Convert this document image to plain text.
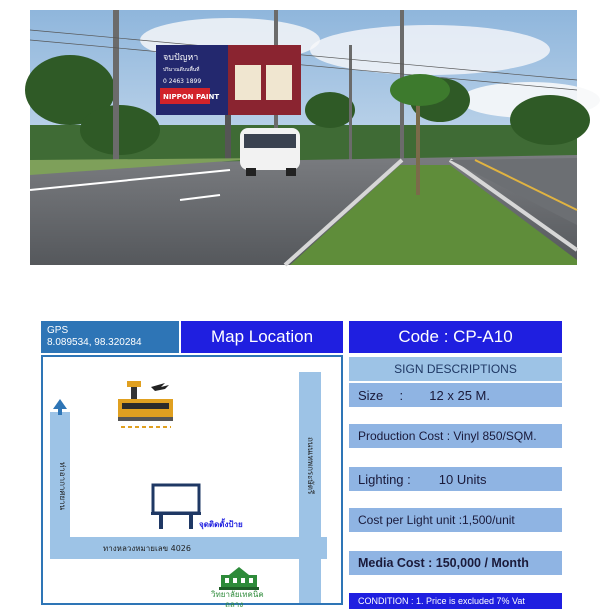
จบปัญหา
ปริมาณดีบนพื้นที่
0 2463 1899
NIPPON PAINT
GPS
8.089534, 98.320284	Map Location
ท่าอากาศยาน	ถนนเทพกระษัตรี
ทางหลวงหมายเลข 4026
จุดติดตั้งป้าย
วิทยาลัยเทคนิค
ถลาง
Code : CP-A10
SIGN DESCRIPTIONS
Size	:	12 x 25 M.
Production Cost : Vinyl 850/SQM.
Lighting : 10 Units
Cost per Light unit :1,500/unit
Media Cost : 150,000 / Month
CONDITION : 1. Price is excluded 7% Vat
